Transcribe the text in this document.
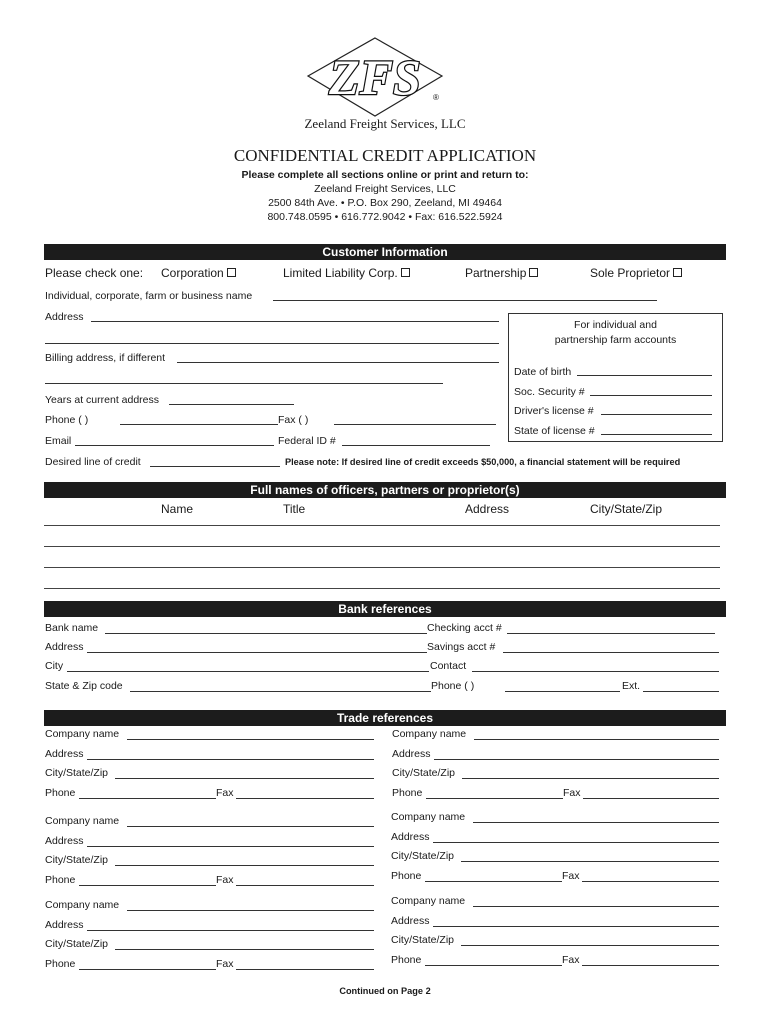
ZFS ®
Zeeland Freight Services, LLC
CONFIDENTIAL CREDIT APPLICATION
Please complete all sections online or print and return to:
Zeeland Freight Services, LLC
2500 84th Ave. • P.O. Box 290, Zeeland, MI 49464
800.748.0595 • 616.772.9042 • Fax: 616.522.5924
Customer Information
Please check one: Corporation	Limited Liability Corp.	Partnership	Sole Proprietor
Individual, corporate, farm or business name
Address
Billing address, if different
Years at current address
Phone ( )	Fax ( )
Email	Federal ID #
Desired line of credit	Please note: If desired line of credit exceeds $50,000, a financial statement will be required
For individual and
partnership farm accounts
Date of birth
Soc. Security #
Driver's license #
State of license #
Full names of officers, partners or proprietor(s)
Name	Title	Address	City/State/Zip
Bank references
Bank name	Checking acct #
Address	Savings acct #
City	Contact
State & Zip code	Phone ( )	Ext.
Trade references
Company name
Address
City/State/Zip
Phone	Fax
Company name
Address
City/State/Zip
Phone	Fax
Company name
Address
City/State/Zip
Phone	Fax
Company name
Address
City/State/Zip
Phone	Fax
Company name
Address
City/State/Zip
Phone	Fax
Company name
Address
City/State/Zip
Phone	Fax
Continued on Page 2
